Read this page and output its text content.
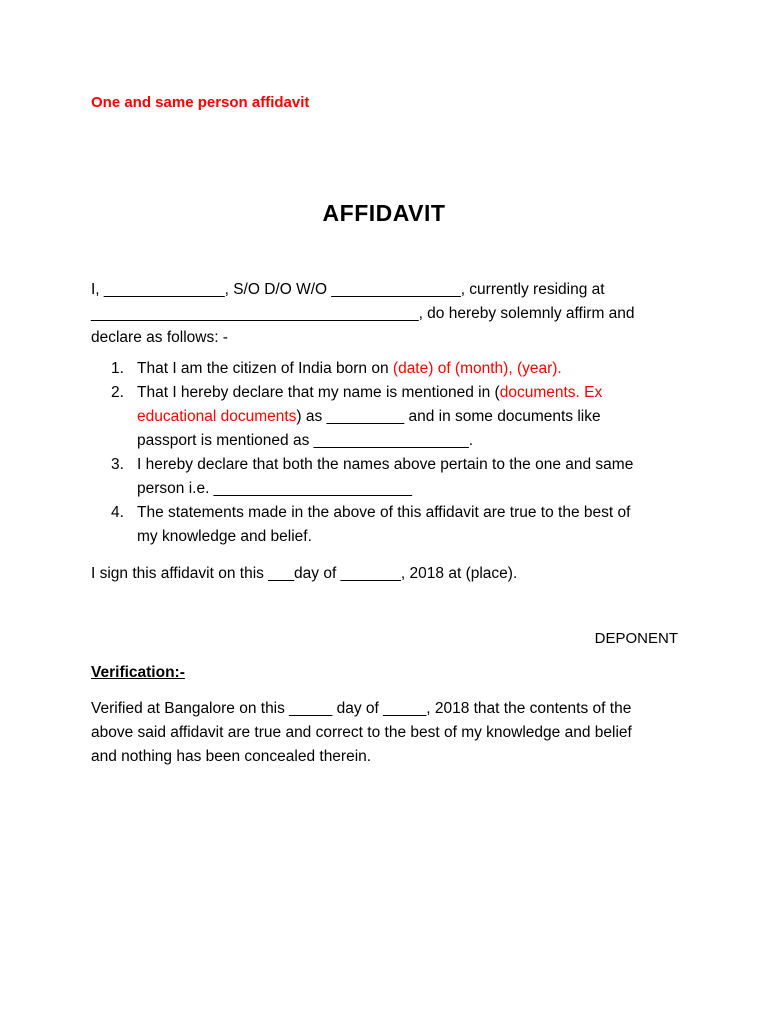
One and same person affidavit
AFFIDAVIT
I, ______________, S/O D/O W/O _______________, currently residing at
______________________________________, do hereby solemnly affirm and
declare as follows: -
1. That I am the citizen of India born on (date) of (month), (year).
2. That I hereby declare that my name is mentioned in (documents. Ex
educational documents) as _________ and in some documents like
passport is mentioned as __________________.
3. I hereby declare that both the names above pertain to the one and same
person i.e. _______________________
4. The statements made in the above of this affidavit are true to the best of
my knowledge and belief.
I sign this affidavit on this ___day of _______, 2018 at (place).
DEPONENT
Verification:-
Verified at Bangalore on this _____ day of _____, 2018 that the contents of the
above said affidavit are true and correct to the best of my knowledge and belief
and nothing has been concealed therein.
